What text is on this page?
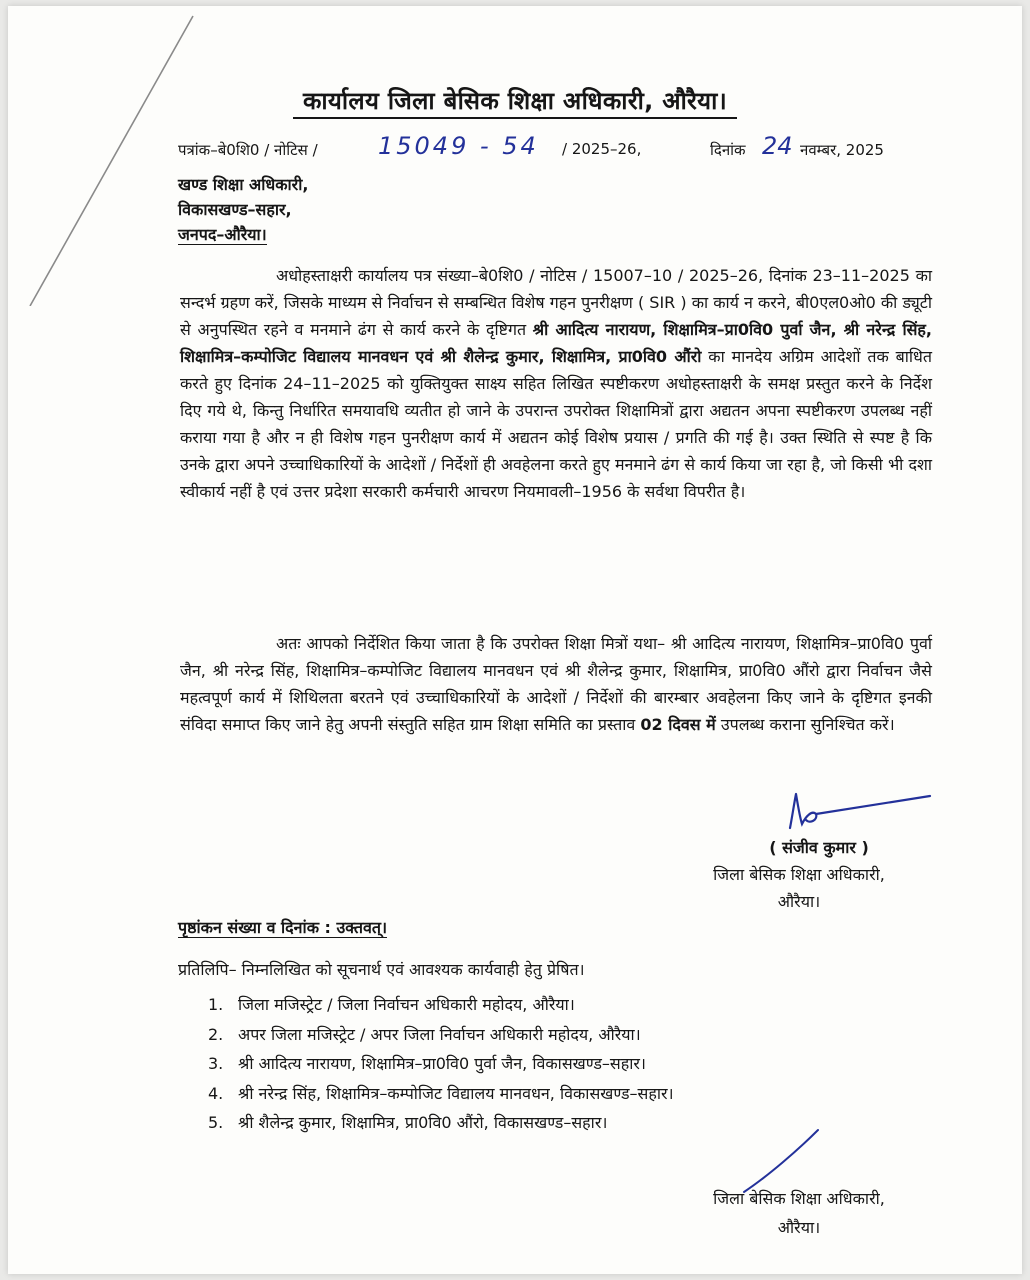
कार्यालय जिला बेसिक शिक्षा अधिकारी, औरैया।
पत्रांक–बे0शि0 / नोटिस /	15049 - 54 / 2025–26,	दिनांक 24 नवम्बर, 2025
खण्ड शिक्षा अधिकारी,
विकासखण्ड–सहार,
जनपद–औरैया।

अधोहस्ताक्षरी कार्यालय पत्र संख्या–बे0शि0 / नोटिस / 15007–10 / 2025–26, दिनांक 23–11–2025 का सन्दर्भ ग्रहण करें, जिसके माध्यम से निर्वाचन से सम्बन्धित विशेष गहन पुनरीक्षण ( SIR ) का कार्य न करने, बी0एल0ओ0 की ड्यूटी से अनुपस्थित रहने व मनमाने ढंग से कार्य करने के दृष्टिगत श्री आदित्य नारायण, शिक्षामित्र–प्रा0वि0 पुर्वा जैन, श्री नरेन्द्र सिंह, शिक्षामित्र–कम्पोजिट विद्यालय मानवधन एवं श्री शैलेन्द्र कुमार, शिक्षामित्र, प्रा0वि0 औंरो का मानदेय अग्रिम आदेशों तक बाधित करते हुए दिनांक 24–11–2025 को युक्तियुक्त साक्ष्य सहित लिखित स्पष्टीकरण अधोहस्ताक्षरी के समक्ष प्रस्तुत करने के निर्देश दिए गये थे, किन्तु निर्धारित समयावधि व्यतीत हो जाने के उपरान्त उपरोक्त शिक्षामित्रों द्वारा अद्यतन अपना स्पष्टीकरण उपलब्ध नहीं कराया गया है और न ही विशेष गहन पुनरीक्षण कार्य में अद्यतन कोई विशेष प्रयास / प्रगति की गई है। उक्त स्थिति से स्पष्ट है कि उनके द्वारा अपने उच्चाधिकारियों के आदेशों / निर्देशों ही अवहेलना करते हुए मनमाने ढंग से कार्य किया जा रहा है, जो किसी भी दशा स्वीकार्य नहीं है एवं उत्तर प्रदेशा सरकारी कर्मचारी आचरण नियमावली–1956 के सर्वथा विपरीत है।

अतः आपको निर्देशित किया जाता है कि उपरोक्त शिक्षा मित्रों यथा– श्री आदित्य नारायण, शिक्षामित्र–प्रा0वि0 पुर्वा जैन, श्री नरेन्द्र सिंह, शिक्षामित्र–कम्पोजिट विद्यालय मानवधन एवं श्री शैलेन्द्र कुमार, शिक्षामित्र, प्रा0वि0 औंरो द्वारा निर्वाचन जैसे महत्वपूर्ण कार्य में शिथिलता बरतने एवं उच्चाधिकारियों के आदेशों / निर्देशों की बारम्बार अवहेलना किए जाने के दृष्टिगत इनकी संविदा समाप्त किए जाने हेतु अपनी संस्तुति सहित ग्राम शिक्षा समिति का प्रस्ताव 02 दिवस में उपलब्ध कराना सुनिश्चित करें।

( संजीव कुमार )
जिला बेसिक शिक्षा अधिकारी,
औरैया।
पृष्ठांकन संख्या व दिनांक : उक्तवत्।
प्रतिलिपि– निम्नलिखित को सूचनार्थ एवं आवश्यक कार्यवाही हेतु प्रेषित।
1. जिला मजिस्ट्रेट / जिला निर्वाचन अधिकारी महोदय, औरैया।
2. अपर जिला मजिस्ट्रेट / अपर जिला निर्वाचन अधिकारी महोदय, औरैया।
3. श्री आदित्य नारायण, शिक्षामित्र–प्रा0वि0 पुर्वा जैन, विकासखण्ड–सहार।
4. श्री नरेन्द्र सिंह, शिक्षामित्र–कम्पोजिट विद्यालय मानवधन, विकासखण्ड–सहार।
5. श्री शैलेन्द्र कुमार, शिक्षामित्र, प्रा0वि0 औंरो, विकासखण्ड–सहार।
जिला बेसिक शिक्षा अधिकारी,
औरैया।
